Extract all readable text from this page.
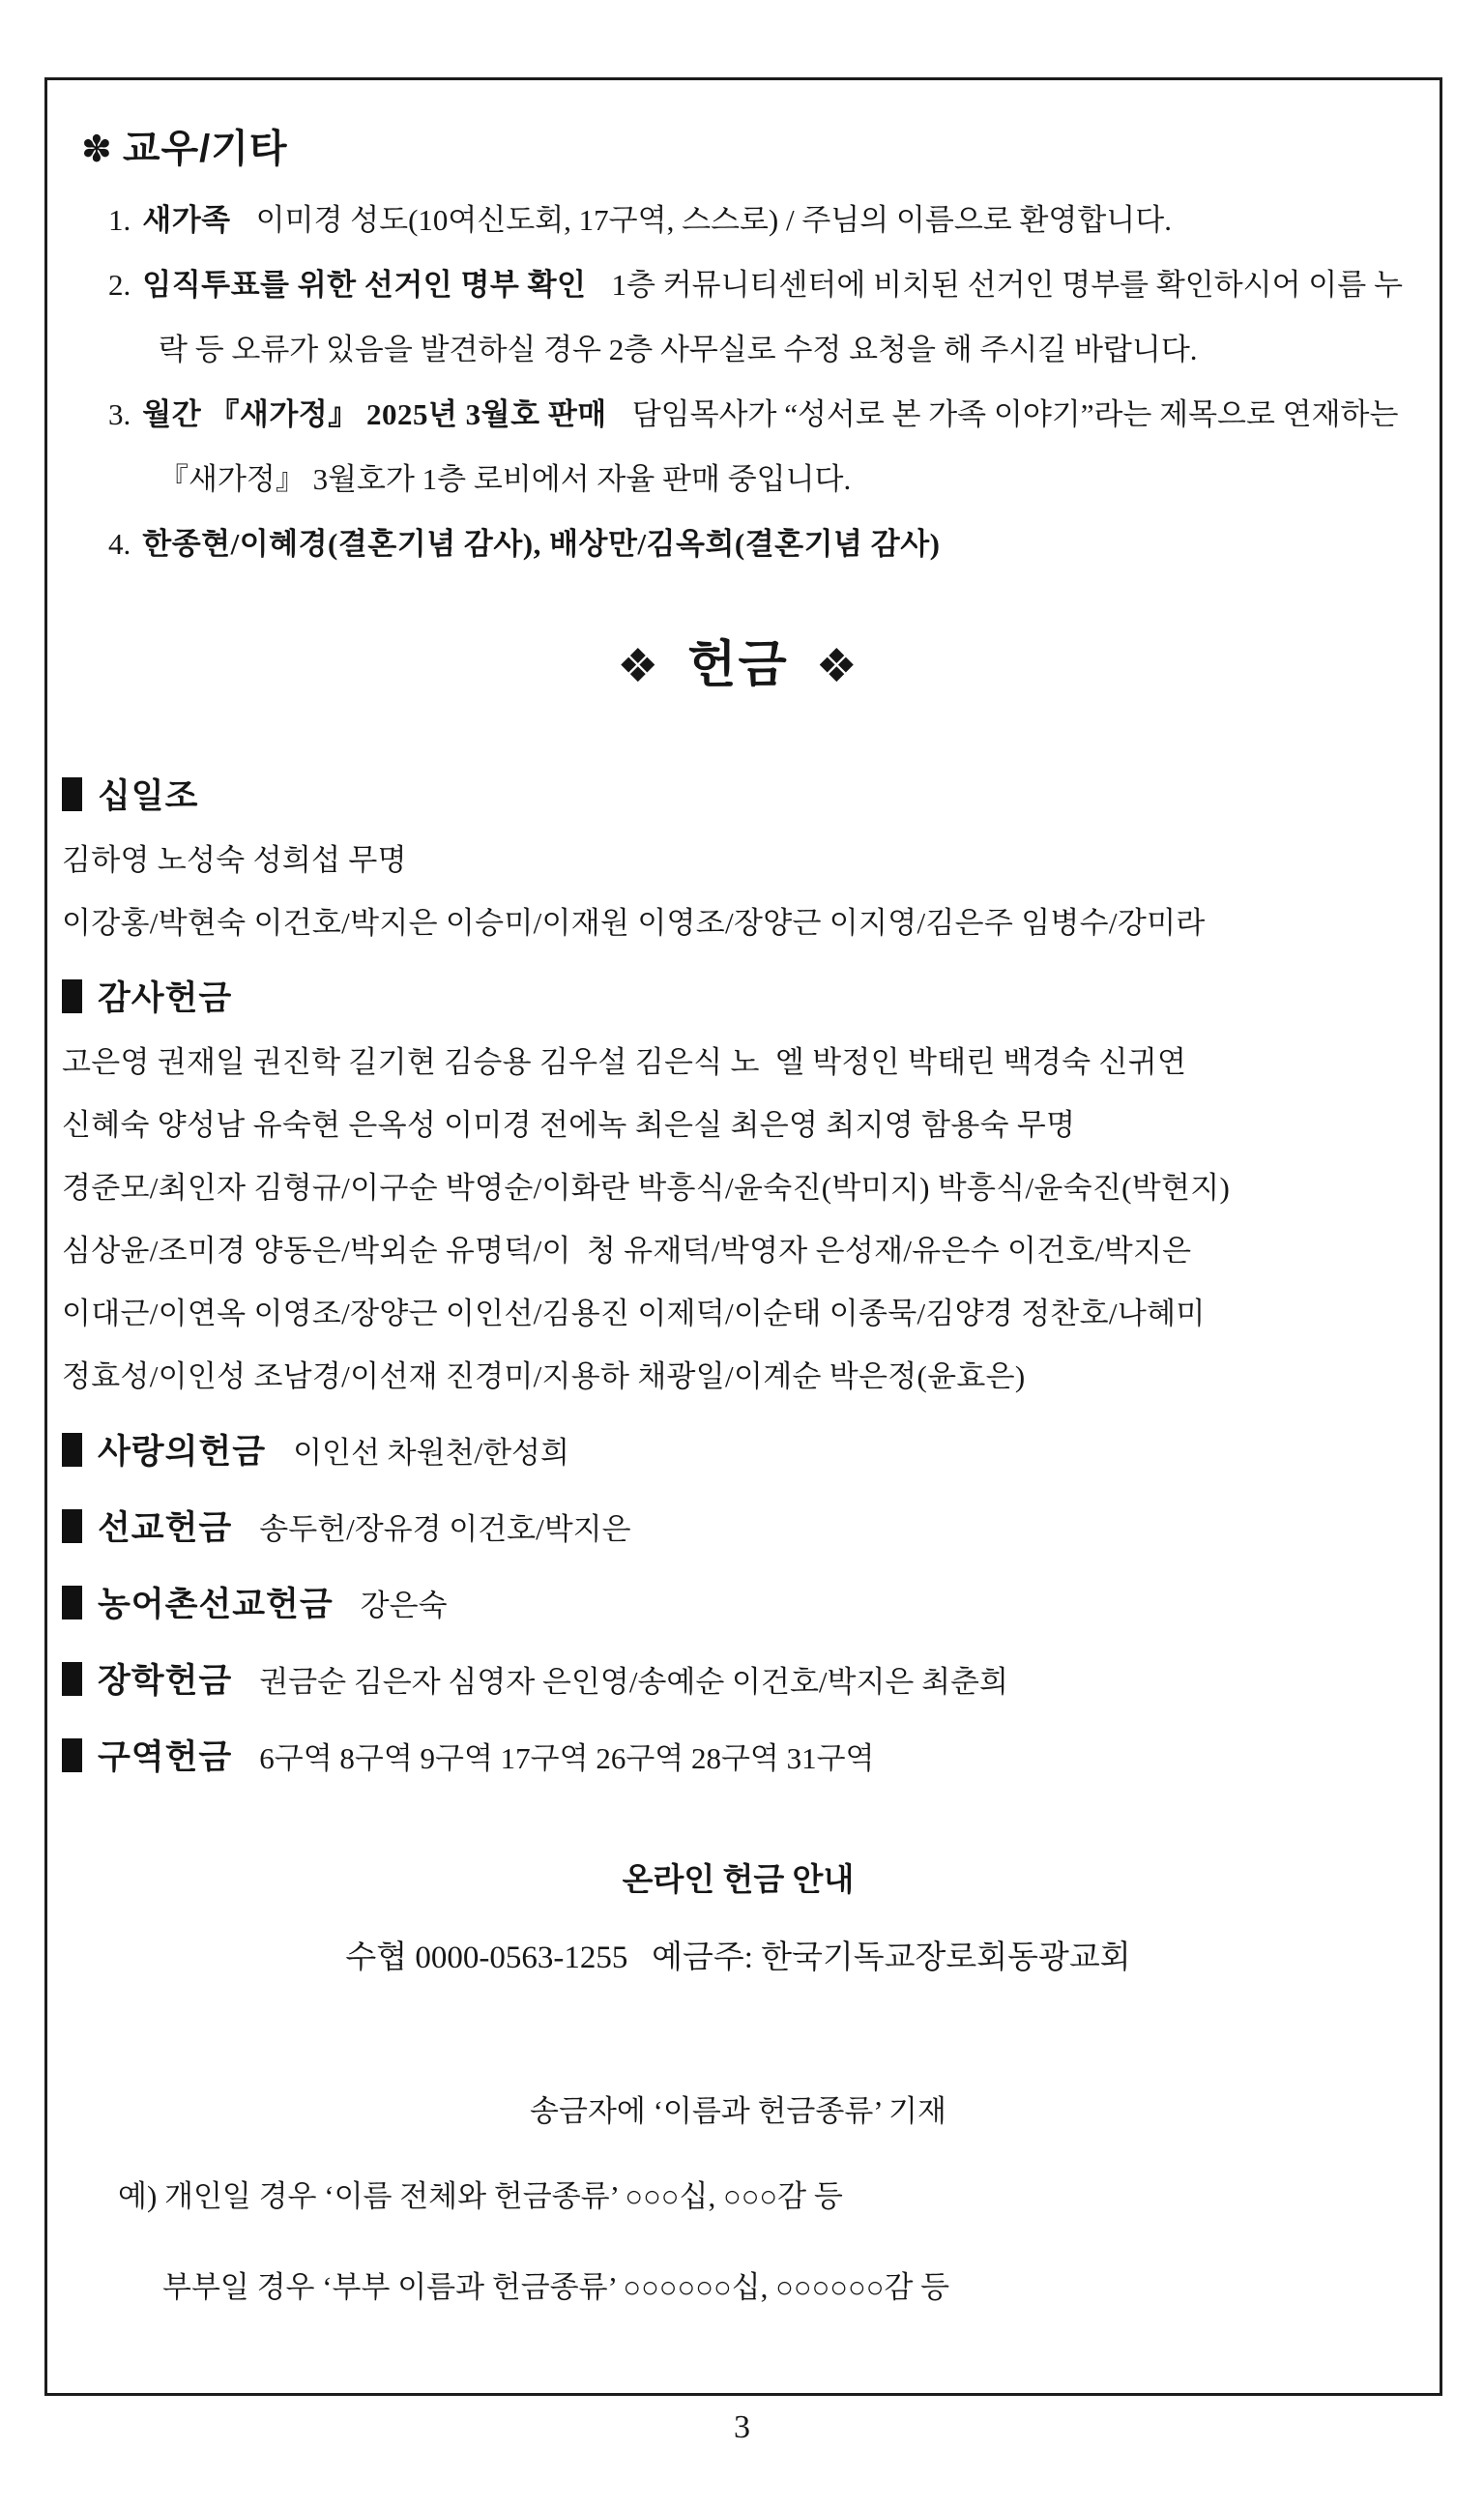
✽ 교우/기타
1. 새가족 이미경 성도(10여신도회, 17구역, 스스로) / 주님의 이름으로 환영합니다.
2. 임직투표를 위한 선거인 명부 확인 1층 커뮤니티센터에 비치된 선거인 명부를 확인하시어 이름 누락 등 오류가 있음을 발견하실 경우 2층 사무실로 수정 요청을 해 주시길 바랍니다.
3. 월간 『새가정』 2025년 3월호 판매 담임목사가 “성서로 본 가족 이야기”라는 제목으로 연재하는 『새가정』 3월호가 1층 로비에서 자율 판매 중입니다.
4. 한종현/이혜경(결혼기념 감사), 배상만/김옥희(결혼기념 감사)
❖ 헌금 ❖
십일조
김하영 노성숙 성희섭 무명
이강홍/박현숙 이건호/박지은 이승미/이재원 이영조/장양근 이지영/김은주 임병수/강미라
감사헌금
고은영 권재일 권진학 길기현 김승용 김우설 김은식 노  엘 박정인 박태린 백경숙 신귀연
신혜숙 양성남 유숙현 은옥성 이미경 전에녹 최은실 최은영 최지영 함용숙 무명
경준모/최인자 김형규/이구순 박영순/이화란 박흥식/윤숙진(박미지) 박흥식/윤숙진(박현지)
심상윤/조미경 양동은/박외순 유명덕/이  청 유재덕/박영자 은성재/유은수 이건호/박지은
이대근/이연옥 이영조/장양근 이인선/김용진 이제덕/이순태 이종묵/김양경 정찬호/나혜미
정효성/이인성 조남경/이선재 진경미/지용하 채광일/이계순 박은정(윤효은)
사랑의헌금 이인선 차원천/한성희
선교헌금 송두헌/장유경 이건호/박지은
농어촌선교헌금 강은숙
장학헌금 권금순 김은자 심영자 은인영/송예순 이건호/박지은 최춘희
구역헌금 6구역 8구역 9구역 17구역 26구역 28구역 31구역
온라인 헌금 안내
수협 0000-0563-1255   예금주: 한국기독교장로회동광교회
송금자에 ‘이름과 헌금종류’ 기재
예) 개인일 경우 ‘이름 전체와 헌금종류’ ○○○십, ○○○감 등
부부일 경우 ‘부부 이름과 헌금종류’ ○○○○○○십, ○○○○○○감 등
3
